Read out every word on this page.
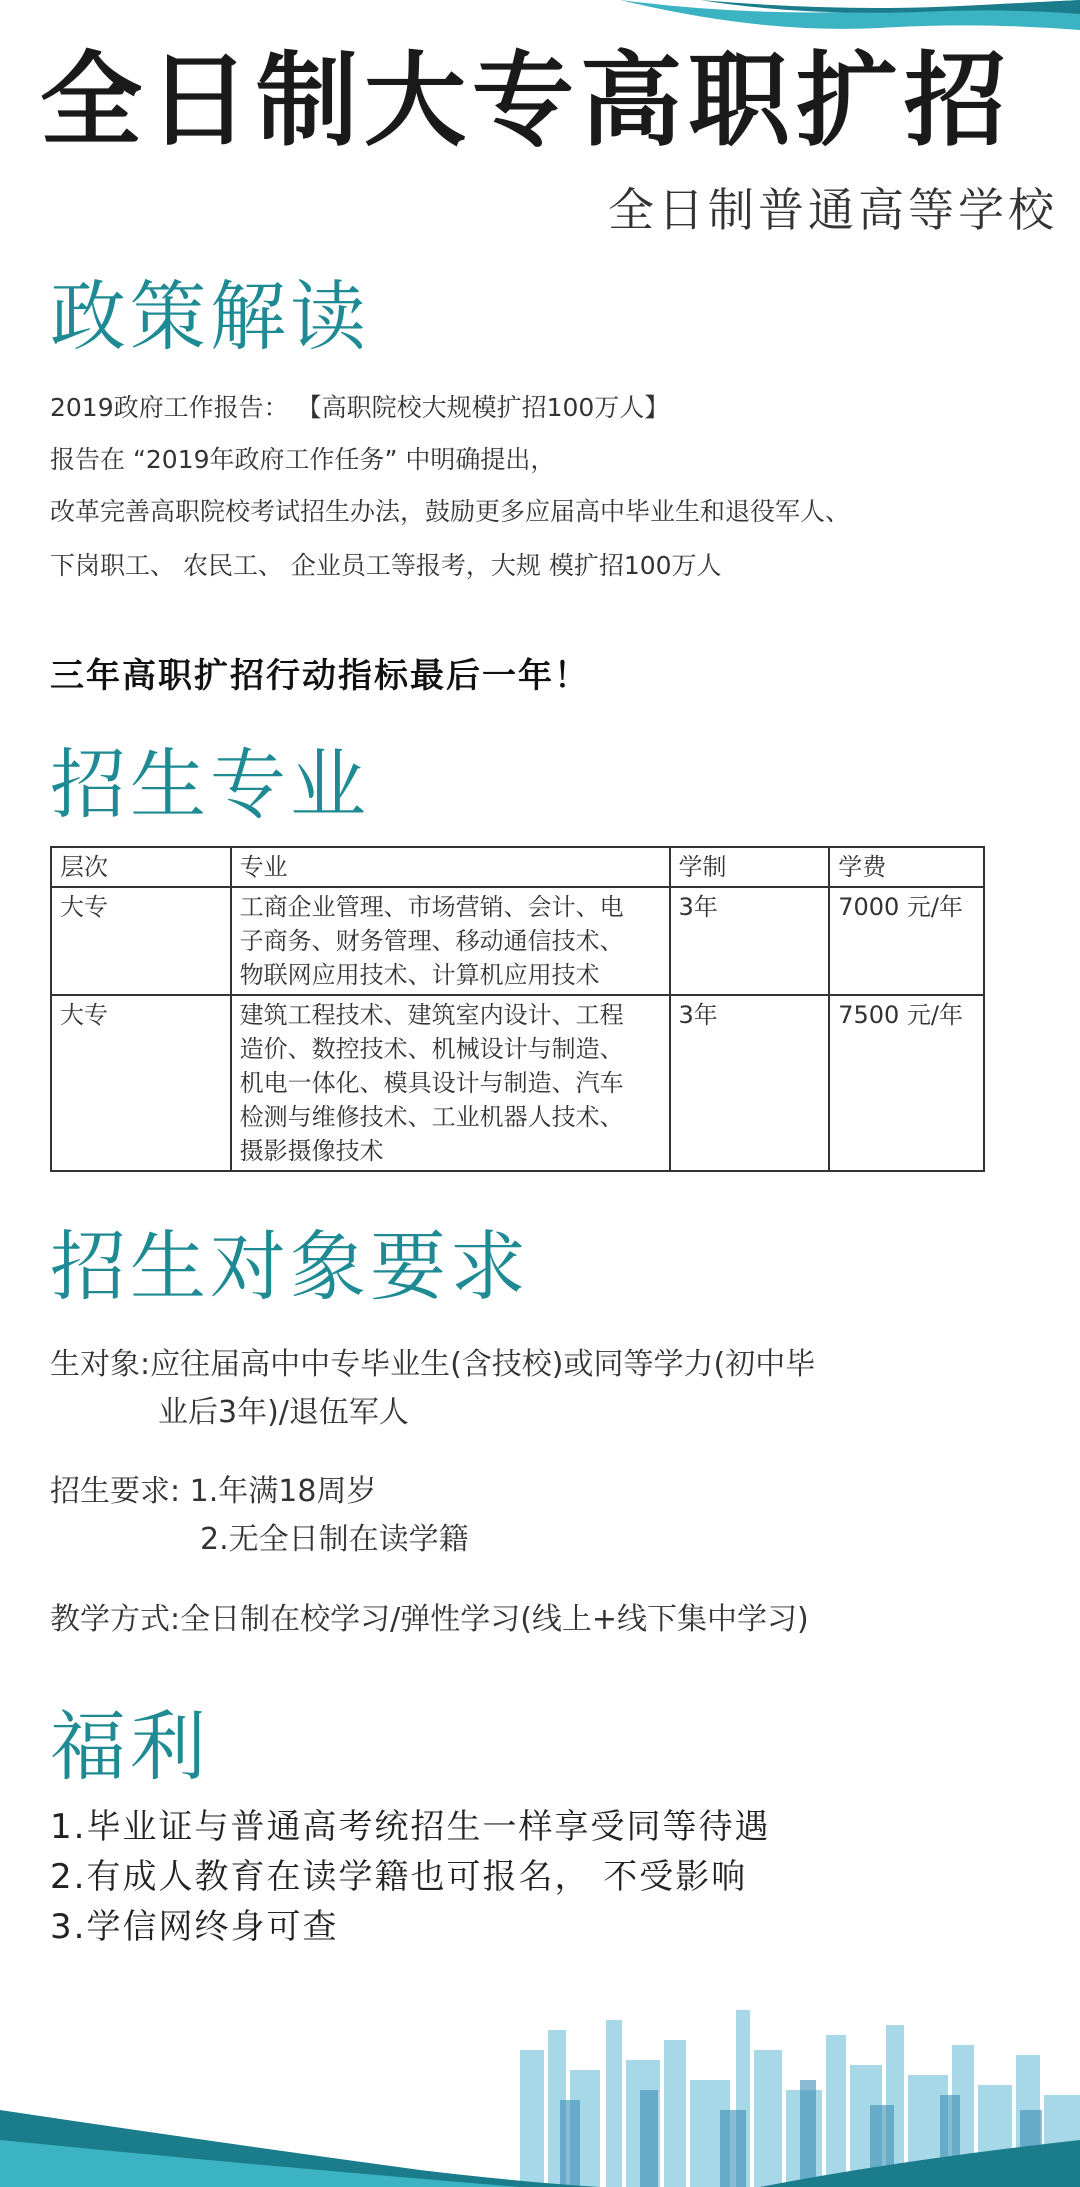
全日制大专高职扩招
全日制普通高等学校
政策解读
2019政府工作报告： 【高职院校大规模扩招100万人】
报告在 “2019年政府工作任务” 中明确提出，
改革完善高职院校考试招生办法，鼓励更多应届高中毕业生和退役军人、
下岗职工、 农民工、 企业员工等报考，大规 模扩招100万人
三年高职扩招行动指标最后一年！
招生专业
层次	专业	学制	学费
大专	工商企业管理、市场营销、会计、电
子商务、财务管理、移动通信技术、
物联网应用技术、计算机应用技术	3年	7000 元/年
大专	建筑工程技术、建筑室内设计、工程
造价、数控技术、机械设计与制造、
机电一体化、模具设计与制造、汽车
检测与维修技术、工业机器人技术、
摄影摄像技术	3年	7500 元/年
招生对象要求
生对象:应往届高中中专毕业生(含技校)或同等学力(初中毕
业后3年)/退伍军人
招生要求: 1.年满18周岁
2.无全日制在读学籍
教学方式:全日制在校学习/弹性学习(线上+线下集中学习)
福利
1.毕业证与普通高考统招生一样享受同等待遇
2.有成人教育在读学籍也可报名， 不受影响
3.学信网终身可查
